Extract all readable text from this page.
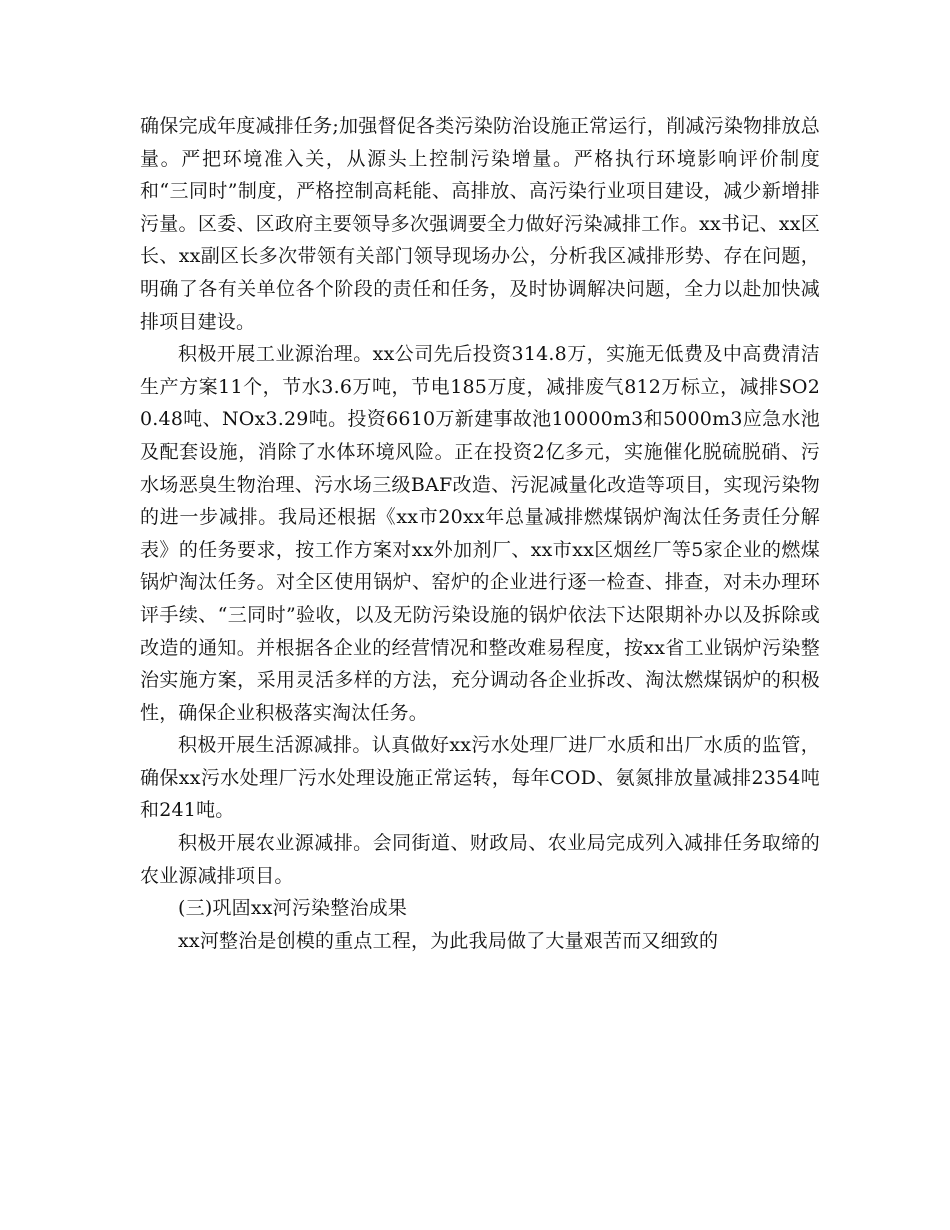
确保完成年度减排任务;加强督促各类污染防治设施正常运行，削减污染物排放总量。严把环境准入关，从源头上控制污染增量。严格执行环境影响评价制度和“三同时”制度，严格控制高耗能、高排放、高污染行业项目建设，减少新增排污量。区委、区政府主要领导多次强调要全力做好污染减排工作。xx书记、xx区长、xx副区长多次带领有关部门领导现场办公，分析我区减排形势、存在问题，明确了各有关单位各个阶段的责任和任务，及时协调解决问题，全力以赴加快减排项目建设。

积极开展工业源治理。xx公司先后投资314.8万，实施无低费及中高费清洁生产方案11个，节水3.6万吨，节电185万度，减排废气812万标立，减排SO2 0.48吨、NOx3.29吨。投资6610万新建事故池10000m3和5000m3应急水池及配套设施，消除了水体环境风险。正在投资2亿多元，实施催化脱硫脱硝、污水场恶臭生物治理、污水场三级BAF改造、污泥减量化改造等项目，实现污染物的进一步减排。我局还根据《xx市20xx年总量减排燃煤锅炉淘汰任务责任分解表》的任务要求，按工作方案对xx外加剂厂、xx市xx区烟丝厂等5家企业的燃煤锅炉淘汰任务。对全区使用锅炉、窑炉的企业进行逐一检查、排查，对未办理环评手续、“三同时”验收，以及无防污染设施的锅炉依法下达限期补办以及拆除或改造的通知。并根据各企业的经营情况和整改难易程度，按xx省工业锅炉污染整治实施方案，采用灵活多样的方法，充分调动各企业拆改、淘汰燃煤锅炉的积极性，确保企业积极落实淘汰任务。

积极开展生活源减排。认真做好xx污水处理厂进厂水质和出厂水质的监管，确保xx污水处理厂污水处理设施正常运转，每年COD、氨氮排放量减排2354吨和241吨。

积极开展农业源减排。会同街道、财政局、农业局完成列入减排任务取缔的农业源减排项目。

(三)巩固xx河污染整治成果

xx河整治是创模的重点工程，为此我局做了大量艰苦而又细致的
